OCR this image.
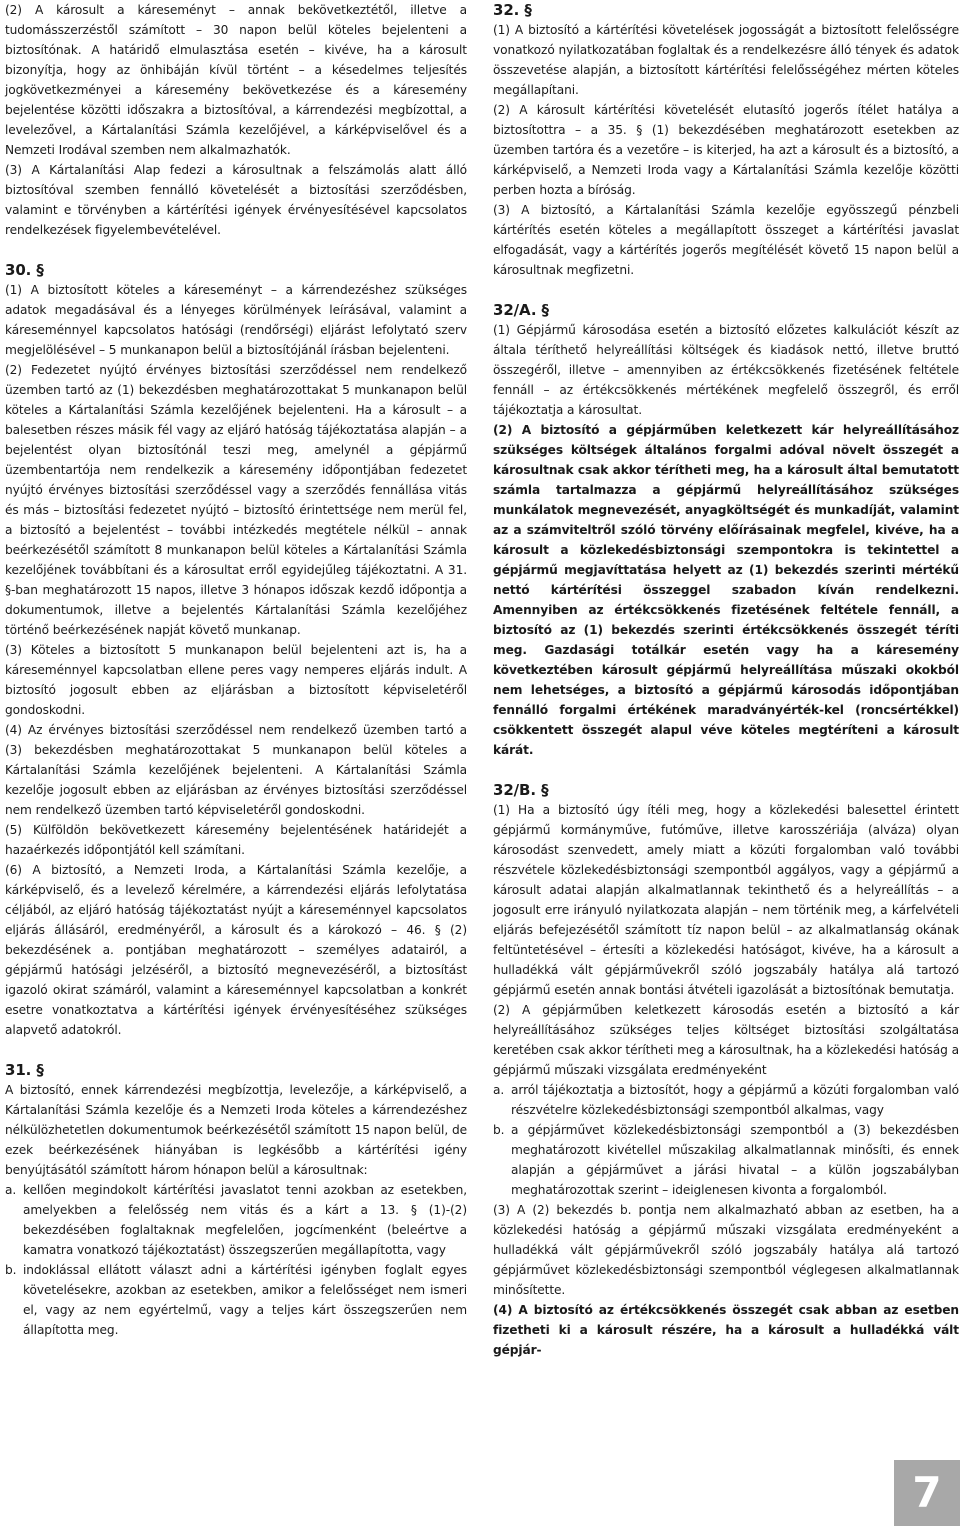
(2) A károsult a káreseményt – annak bekövetkeztétől, illetve a tudomásszerzéstől számított – 30 napon belül köteles bejelenteni a biztosítónak. A határidő elmulasztása esetén – kivéve, ha a károsult bizonyítja, hogy az önhibáján kívül történt – a késedelmes teljesítés jogkövetkezményei a káresemény bekövetkezése és a káresemény bejelentése közötti időszakra a biztosítóval, a kárrendezési megbízottal, a levelezővel, a Kártalanítási Számla kezelőjével, a kárképviselővel és a Nemzeti Irodával szemben nem alkalmazhatók.

(3) A Kártalanítási Alap fedezi a károsultnak a felszámolás alatt álló biztosítóval szemben fennálló követelését a biztosítási szerződésben, valamint e törvényben a kártérítési igények érvényesítésével kapcsolatos rendelkezések figyelembevételével.

30. §

(1) A biztosított köteles a káreseményt – a kárrendezéshez szükséges adatok megadásával és a lényeges körülmények leírásával, valamint a káreseménnyel kapcsolatos hatósági (rendőrségi) eljárást lefolytató szerv megjelölésével – 5 munkanapon belül a biztosítójánál írásban bejelenteni.

(2) Fedezetet nyújtó érvényes biztosítási szerződéssel nem rendelkező üzemben tartó az (1) bekezdésben meghatározottakat 5 munkanapon belül köteles a Kártalanítási Számla kezelőjének bejelenteni. Ha a károsult – a balesetben részes másik fél vagy az eljáró hatóság tájékoztatása alapján – a bejelentést olyan biztosítónál teszi meg, amelynél a gépjármű üzembentartója nem rendelkezik a káresemény időpontjában fedezetet nyújtó érvényes biztosítási szerződéssel vagy a szerződés fennállása vitás és más – biztosítási fedezetet nyújtó – biztosító érintettsége nem merül fel, a biztosító a bejelentést – további intézkedés megtétele nélkül – annak beérkezésétől számított 8 munkanapon belül köteles a Kártalanítási Számla kezelőjének továbbítani és a károsultat erről egyidejűleg tájékoztatni. A 31. §-ban meghatározott 15 napos, illetve 3 hónapos időszak kezdő időpontja a dokumentumok, illetve a bejelentés Kártalanítási Számla kezelőjéhez történő beérkezésének napját követő munkanap.

(3) Köteles a biztosított 5 munkanapon belül bejelenteni azt is, ha a káreseménnyel kapcsolatban ellene peres vagy nemperes eljárás indult. A biztosító jogosult ebben az eljárásban a biztosított képviseletéről gondoskodni.

(4) Az érvényes biztosítási szerződéssel nem rendelkező üzemben tartó a (3) bekezdésben meghatározottakat 5 munkanapon belül köteles a Kártalanítási Számla kezelőjének bejelenteni. A Kártalanítási Számla kezelője jogosult ebben az eljárásban az érvényes biztosítási szerződéssel nem rendelkező üzemben tartó képviseletéről gondoskodni.

(5) Külföldön bekövetkezett káresemény bejelentésének határidejét a hazaérkezés időpontjától kell számítani.

(6) A biztosító, a Nemzeti Iroda, a Kártalanítási Számla kezelője, a kárképviselő, és a levelező kérelmére, a kárrendezési eljárás lefolytatása céljából, az eljáró hatóság tájékoztatást nyújt a káreseménnyel kapcsolatos eljárás állásáról, eredményéről, a károsult és a károkozó – 46. § (2) bekezdésének a. pontjában meghatározott – személyes adatairól, a gépjármű hatósági jelzéséről, a biztosító megnevezéséről, a biztosítást igazoló okirat számáról, valamint a káreseménnyel kapcsolatban a konkrét esetre vonatkoztatva a kártérítési igények érvényesítéséhez szükséges alapvető adatokról.

31. §

A biztosító, ennek kárrendezési megbízottja, levelezője, a kárképviselő, a Kártalanítási Számla kezelője és a Nemzeti Iroda köteles a kárrendezéshez nélkülözhetetlen dokumentumok beérkezésétől számított 15 napon belül, de ezek beérkezésének hiányában is legkésőbb a kártérítési igény benyújtásától számított három hónapon belül a károsultnak:

a. kellően megindokolt kártérítési javaslatot tenni azokban az esetekben, amelyekben a felelősség nem vitás és a kárt a 13. § (1)-(2) bekezdésében foglaltaknak megfelelően, jogcímenként (beleértve a kamatra vonatkozó tájékoztatást) összegszerűen megállapította, vagy
b. indoklással ellátott választ adni a kártérítési igényben foglalt egyes követelésekre, azokban az esetekben, amikor a felelősséget nem ismeri el, vagy az nem egyértelmű, vagy a teljes kárt összegszerűen nem állapította meg.
32. §

(1) A biztosító a kártérítési követelések jogosságát a biztosított felelősségre vonatkozó nyilatkozatában foglaltak és a rendelkezésre álló tények és adatok összevetése alapján, a biztosított kártérítési felelősségéhez mérten köteles megállapítani.

(2) A károsult kártérítési követelését elutasító jogerős ítélet hatálya a biztosítottra – a 35. § (1) bekezdésében meghatározott esetekben az üzemben tartóra és a vezetőre – is kiterjed, ha azt a károsult és a biztosító, a kárképviselő, a Nemzeti Iroda vagy a Kártalanítási Számla kezelője közötti perben hozta a bíróság.

(3) A biztosító, a Kártalanítási Számla kezelője egyösszegű pénzbeli kártérítés esetén köteles a megállapított összeget a kártérítési javaslat elfogadását, vagy a kártérítés jogerős megítélését követő 15 napon belül a károsultnak megfizetni.

32/A. §

(1) Gépjármű károsodása esetén a biztosító előzetes kalkulációt készít az általa téríthető helyreállítási költségek és kiadások nettó, illetve bruttó összegéről, illetve – amennyiben az értékcsökkenés fizetésének feltétele fennáll – az értékcsökkenés mértékének megfelelő összegről, és erről tájékoztatja a károsultat.

(2) A biztosító a gépjárműben keletkezett kár helyreállításához szükséges költségek általános forgalmi adóval növelt összegét a károsultnak csak akkor térítheti meg, ha a károsult által bemutatott számla tartalmazza a gépjármű helyreállításához szükséges munkálatok megnevezését, anyagköltségét és munkadíját, valamint az a számviteltről szóló törvény előírásainak megfelel, kivéve, ha a károsult a közlekedésbiztonsági szempontokra is tekintettel a gépjármű megjavíttatása helyett az (1) bekezdés szerinti mértékű nettó kártérítési összeggel szabadon kíván rendelkezni. Amennyiben az értékcsökkenés fizetésének feltétele fennáll, a biztosító az (1) bekezdés szerinti értékcsökkenés összegét téríti meg. Gazdasági totálkár esetén vagy ha a káresemény következtében károsult gépjármű helyreállítása műszaki okokból nem lehetséges, a biztosító a gépjármű károsodás időpontjában fennálló forgalmi értékének maradványérték-kel (roncsértékkel) csökkentett összegét alapul véve köteles megtéríteni a károsult kárát.

32/B. §

(1) Ha a biztosító úgy ítéli meg, hogy a közlekedési balesettel érintett gépjármű kormányműve, futóműve, illetve karosszériája (alváza) olyan károsodást szenvedett, amely miatt a közúti forgalomban való további részvétele közlekedésbiztonsági szempontból aggályos, vagy a gépjármű a károsult adatai alapján alkalmatlannak tekinthető és a helyreállítás – a jogosult erre irányuló nyilatkozata alapján – nem történik meg, a kárfelvételi eljárás befejezésétől számított tíz napon belül – az alkalmatlanság okának feltüntetésével – értesíti a közlekedési hatóságot, kivéve, ha a károsult a hulladékká vált gépjárművekről szóló jogszabály hatálya alá tartozó gépjármű esetén annak bontási átvételi igazolását a biztosítónak bemutatja.

(2) A gépjárműben keletkezett károsodás esetén a biztosító a kár helyreállításához szükséges teljes költséget biztosítási szolgáltatása keretében csak akkor térítheti meg a károsultnak, ha a közlekedési hatóság a gépjármű műszaki vizsgálata eredményeként

a. arról tájékoztatja a biztosítót, hogy a gépjármű a közúti forgalomban való részvételre közlekedésbiztonsági szempontból alkalmas, vagy
b. a gépjárművet közlekedésbiztonsági szempontból a (3) bekezdésben meghatározott kivétellel műszakilag alkalmatlannak minősíti, és ennek alapján a gépjárművet a járási hivatal – a külön jogszabályban meghatározottak szerint – ideiglenesen kivonta a forgalomból.

(3) A (2) bekezdés b. pontja nem alkalmazható abban az esetben, ha a közlekedési hatóság a gépjármű műszaki vizsgálata eredményeként a hulladékká vált gépjárművekről szóló jogszabály hatálya alá tartozó gépjárművet közlekedésbiztonsági szempontból véglegesen alkalmatlannak minősítette.

(4) A biztosító az értékcsökkenés összegét csak abban az esetben fizetheti ki a károsult részére, ha a károsult a hulladékká vált gépjár-

7
